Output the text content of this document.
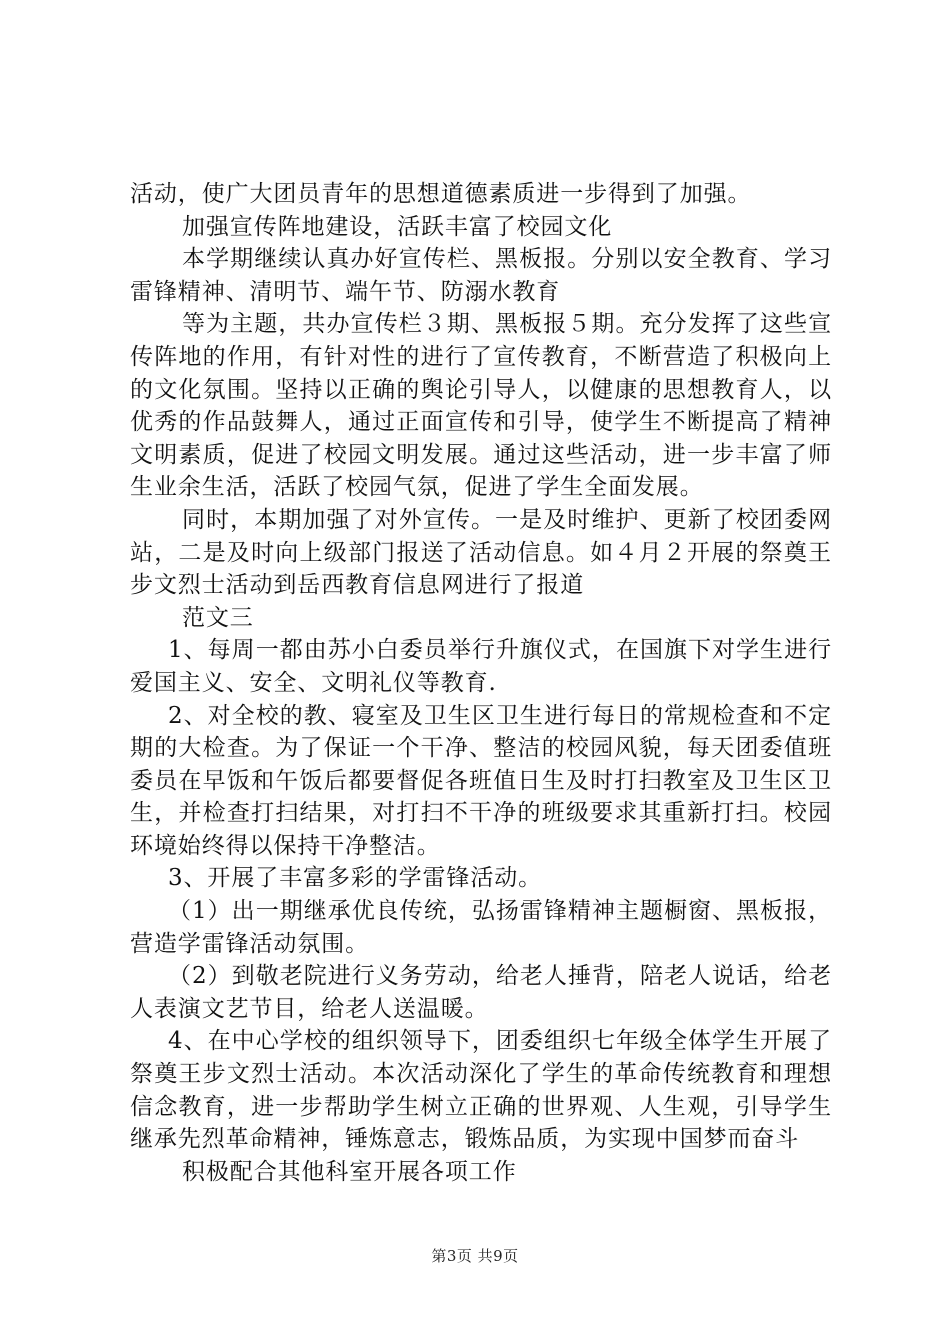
活动，使广大团员青年的思想道德素质进一步得到了加强。

加强宣传阵地建设，活跃丰富了校园文化

本学期继续认真办好宣传栏、黑板报。分别以安全教育、学习雷锋精神、清明节、端午节、防溺水教育

等为主题，共办宣传栏３期、黑板报５期。充分发挥了这些宣传阵地的作用，有针对性的进行了宣传教育，不断营造了积极向上的文化氛围。坚持以正确的舆论引导人，以健康的思想教育人，以优秀的作品鼓舞人，通过正面宣传和引导，使学生不断提高了精神文明素质，促进了校园文明发展。通过这些活动，进一步丰富了师生业余生活，活跃了校园气氛，促进了学生全面发展。

同时，本期加强了对外宣传。一是及时维护、更新了校团委网站，二是及时向上级部门报送了活动信息。如４月２开展的祭奠王步文烈士活动到岳西教育信息网进行了报道

范文三

1、每周一都由苏小白委员举行升旗仪式，在国旗下对学生进行爱国主义、安全、文明礼仪等教育.

2、对全校的教、寝室及卫生区卫生进行每日的常规检查和不定期的大检查。为了保证一个干净、整洁的校园风貌，每天团委值班委员在早饭和午饭后都要督促各班值日生及时打扫教室及卫生区卫生，并检查打扫结果，对打扫不干净的班级要求其重新打扫。校园环境始终得以保持干净整洁。

3、开展了丰富多彩的学雷锋活动。

（1）出一期继承优良传统，弘扬雷锋精神主题橱窗、黑板报，营造学雷锋活动氛围。

（2）到敬老院进行义务劳动，给老人捶背，陪老人说话，给老人表演文艺节目，给老人送温暖。

4、在中心学校的组织领导下，团委组织七年级全体学生开展了祭奠王步文烈士活动。本次活动深化了学生的革命传统教育和理想信念教育，进一步帮助学生树立正确的世界观、人生观，引导学生继承先烈革命精神，锤炼意志，锻炼品质，为实现中国梦而奋斗

积极配合其他科室开展各项工作

第3页 共9页
